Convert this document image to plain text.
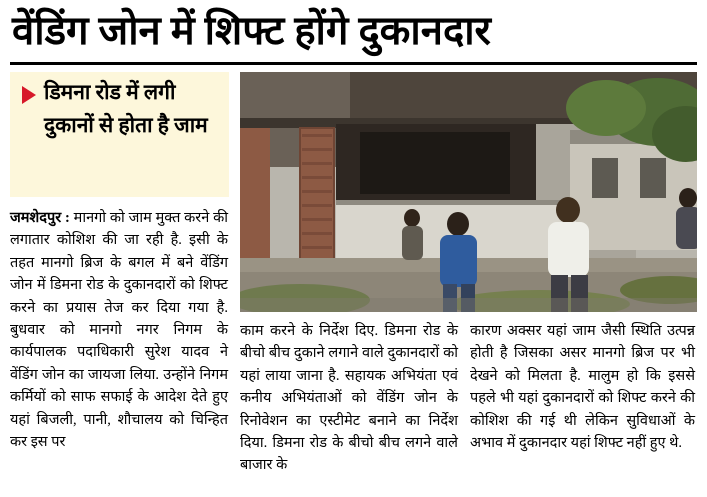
वेंडिंग जोन में शिफ्ट होंगे दुकानदार
डिमना रोड में लगी दुकानों से होता है जाम

जमशेदपुर : मानगो को जाम मुक्त करने की लगातार कोशिश की जा रही है. इसी के तहत मानगो ब्रिज के बगल में बने वेंडिंग जोन में डिमना रोड के दुकानदारों को शिफ्ट करने का प्रयास तेज कर दिया गया है. बुधवार को मानगो नगर निगम के कार्यपालक पदाधिकारी सुरेश यादव ने वेंडिंग जोन का जायजा लिया. उन्होंने निगम कर्मियों को साफ सफाई के आदेश देते हुए यहां बिजली, पानी, शौचालय को चिन्हित कर इस पर

काम करने के निर्देश दिए. डिमना रोड के बीचो बीच दुकाने लगाने वाले दुकानदारों को यहां लाया जाना है. सहायक अभियंता एवं कनीय अभियंताओं को वेंडिंग जोन के रिनोवेशन का एस्टीमेट बनाने का निर्देश दिया. डिमना रोड के बीचो बीच लगने वाले बाजार के

कारण अक्सर यहां जाम जैसी स्थिति उत्पन्न होती है जिसका असर मानगो ब्रिज पर भी देखने को मिलता है. मालुम हो कि इससे पहले भी यहां दुकानदारों को शिफ्ट करने की कोशिश की गई थी लेकिन सुविधाओं के अभाव में दुकानदार यहां शिफ्ट नहीं हुए थे.
